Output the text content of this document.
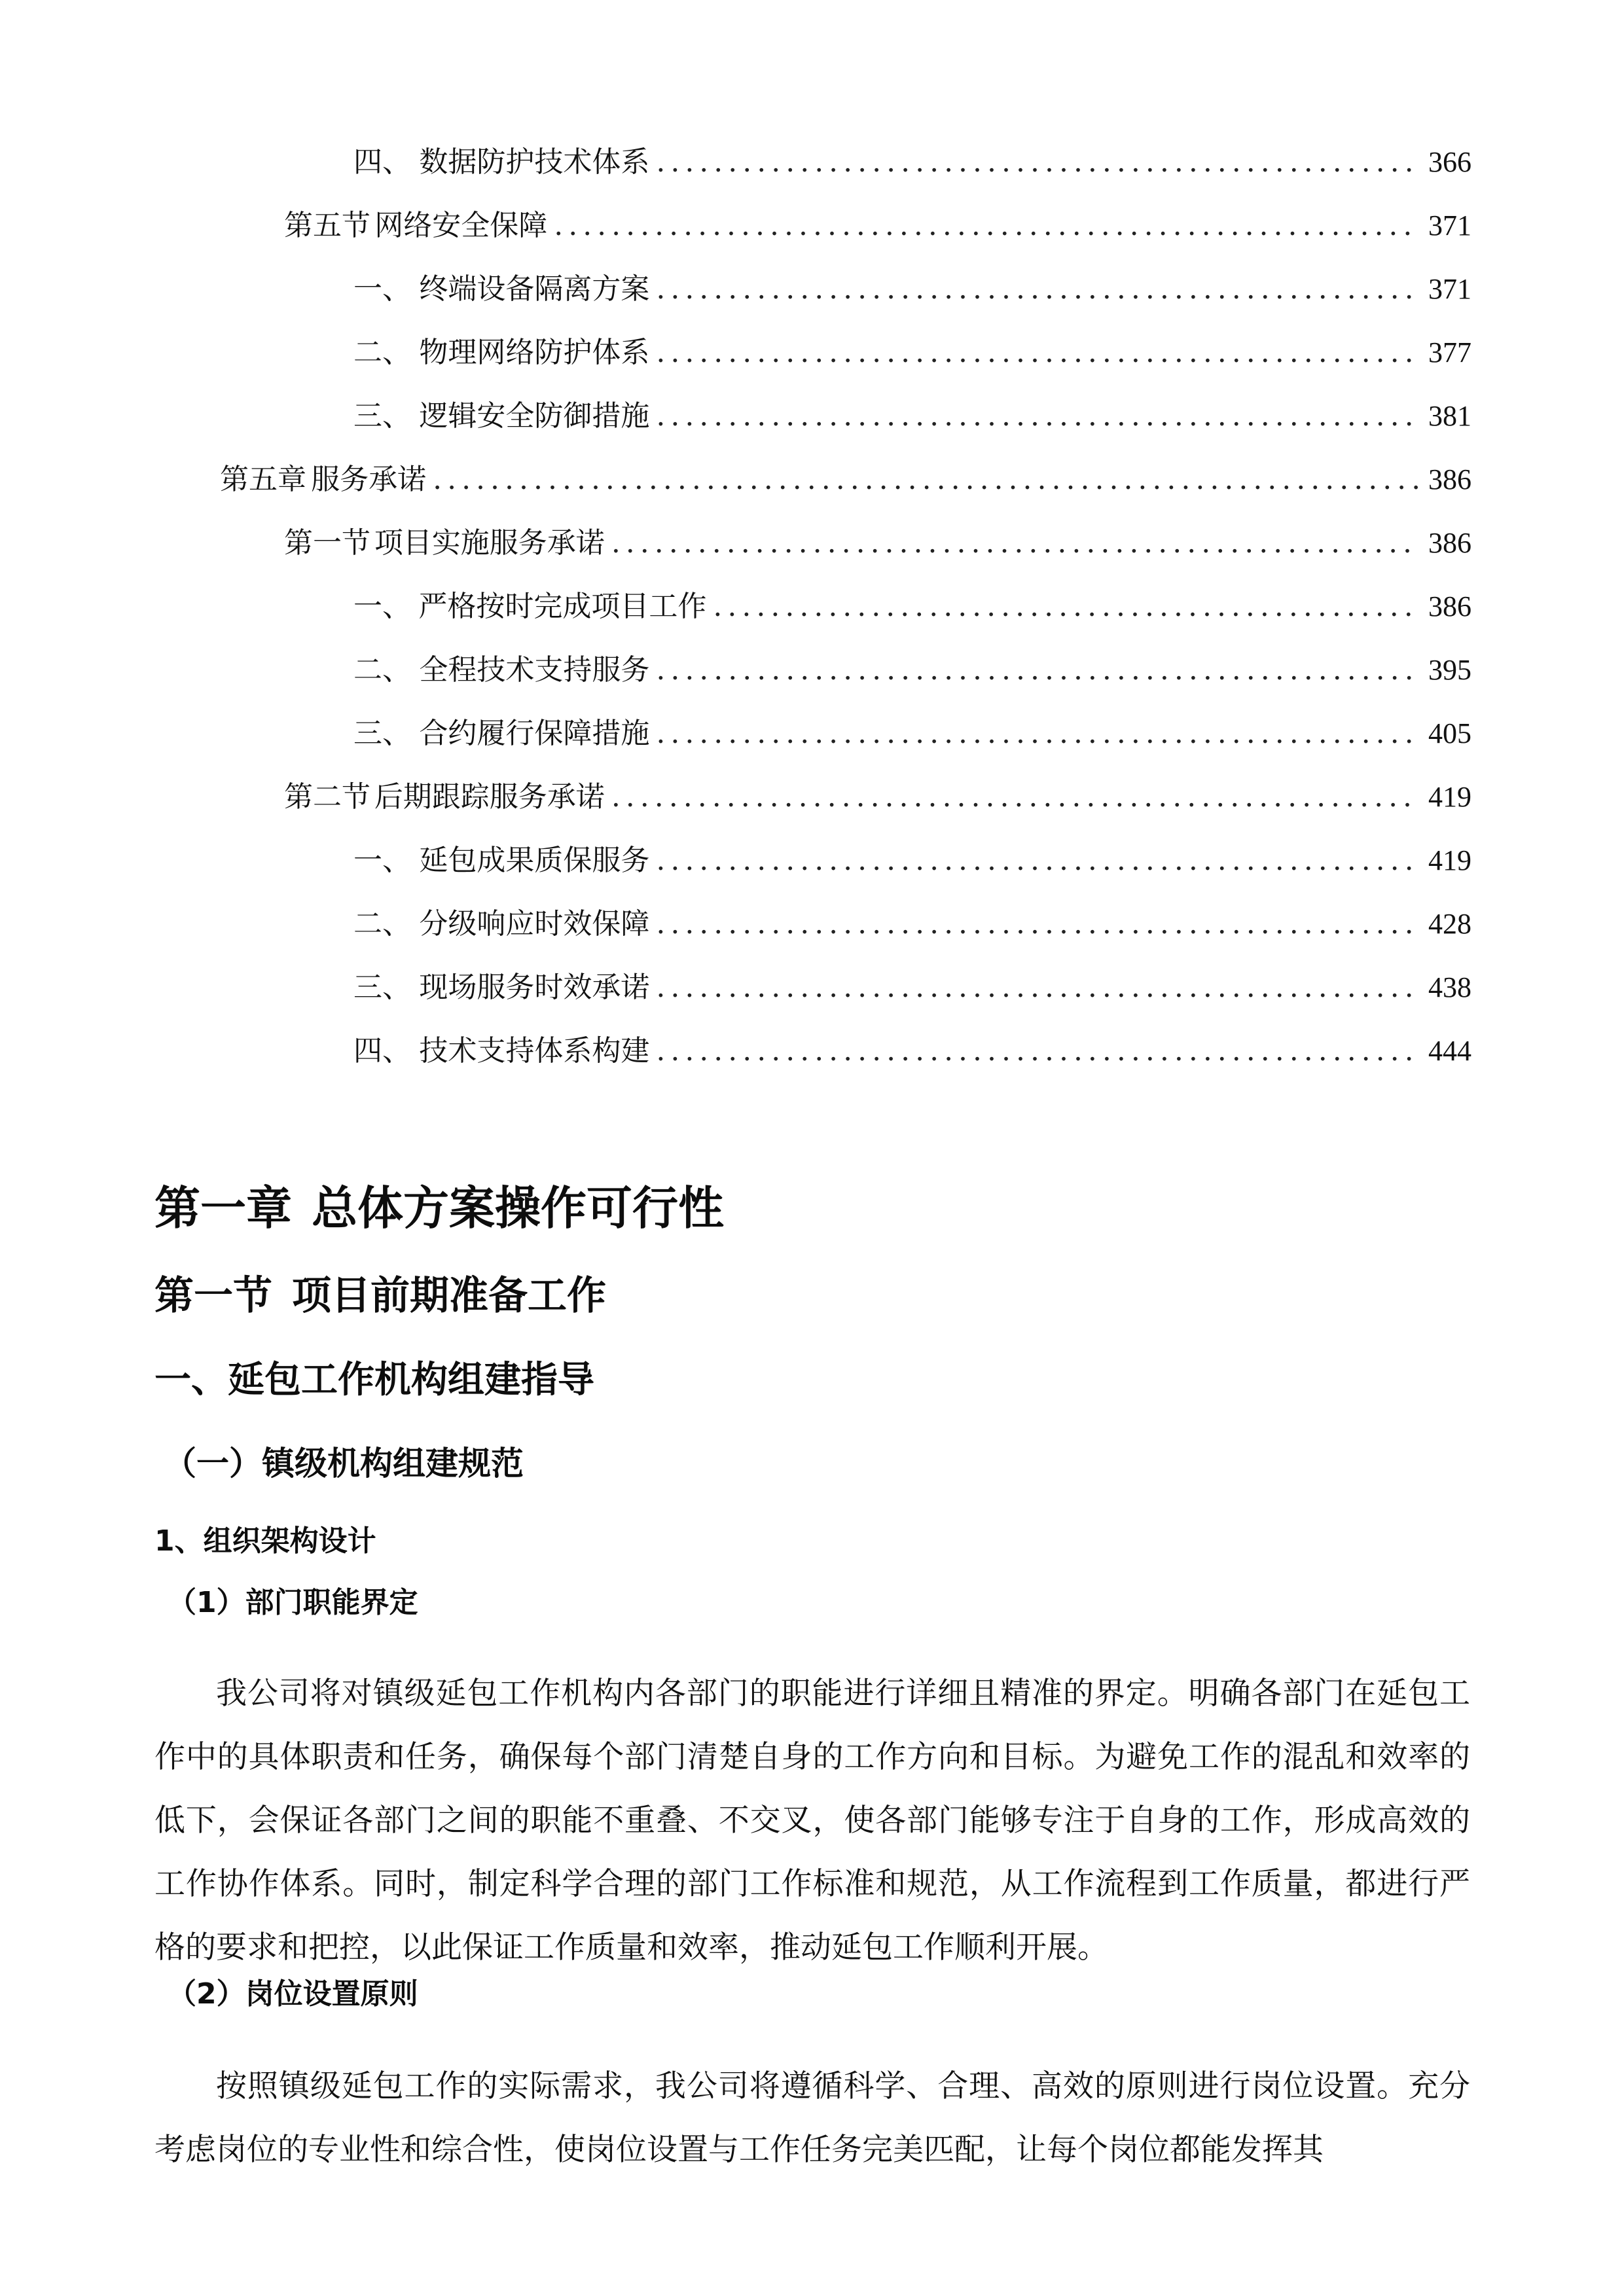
四、 数据防护技术体系 .....	366
第五节 网络安全保障 .....	371
一、 终端设备隔离方案 .....	371
二、 物理网络防护体系 .....	377
三、 逻辑安全防御措施 .....	381
第五章 服务承诺 .....	386
第一节 项目实施服务承诺 .....	386
一、 严格按时完成项目工作 .....	386
二、 全程技术支持服务 .....	395
三、 合约履行保障措施 .....	405
第二节 后期跟踪服务承诺 .....	419
一、 延包成果质保服务 .....	419
二、 分级响应时效保障 .....	428
三、 现场服务时效承诺 .....	438
四、 技术支持体系构建 .....	444
第一章 总体方案操作可行性
第一节 项目前期准备工作
一、延包工作机构组建指导
（一）镇级机构组建规范
1、组织架构设计
（1）部门职能界定

我公司将对镇级延包工作机构内各部门的职能进行详细且精准的界定。明确各部门在延包工作中的具体职责和任务，确保每个部门清楚自身的工作方向和目标。为避免工作的混乱和效率的低下，会保证各部门之间的职能不重叠、不交叉，使各部门能够专注于自身的工作，形成高效的工作协作体系。同时，制定科学合理的部门工作标准和规范，从工作流程到工作质量，都进行严格的要求和把控，以此保证工作质量和效率，推动延包工作顺利开展。

（2）岗位设置原则

按照镇级延包工作的实际需求，我公司将遵循科学、合理、高效的原则进行岗位设置。充分考虑岗位的专业性和综合性，使岗位设置与工作任务完美匹配，让每个岗位都能发挥其
